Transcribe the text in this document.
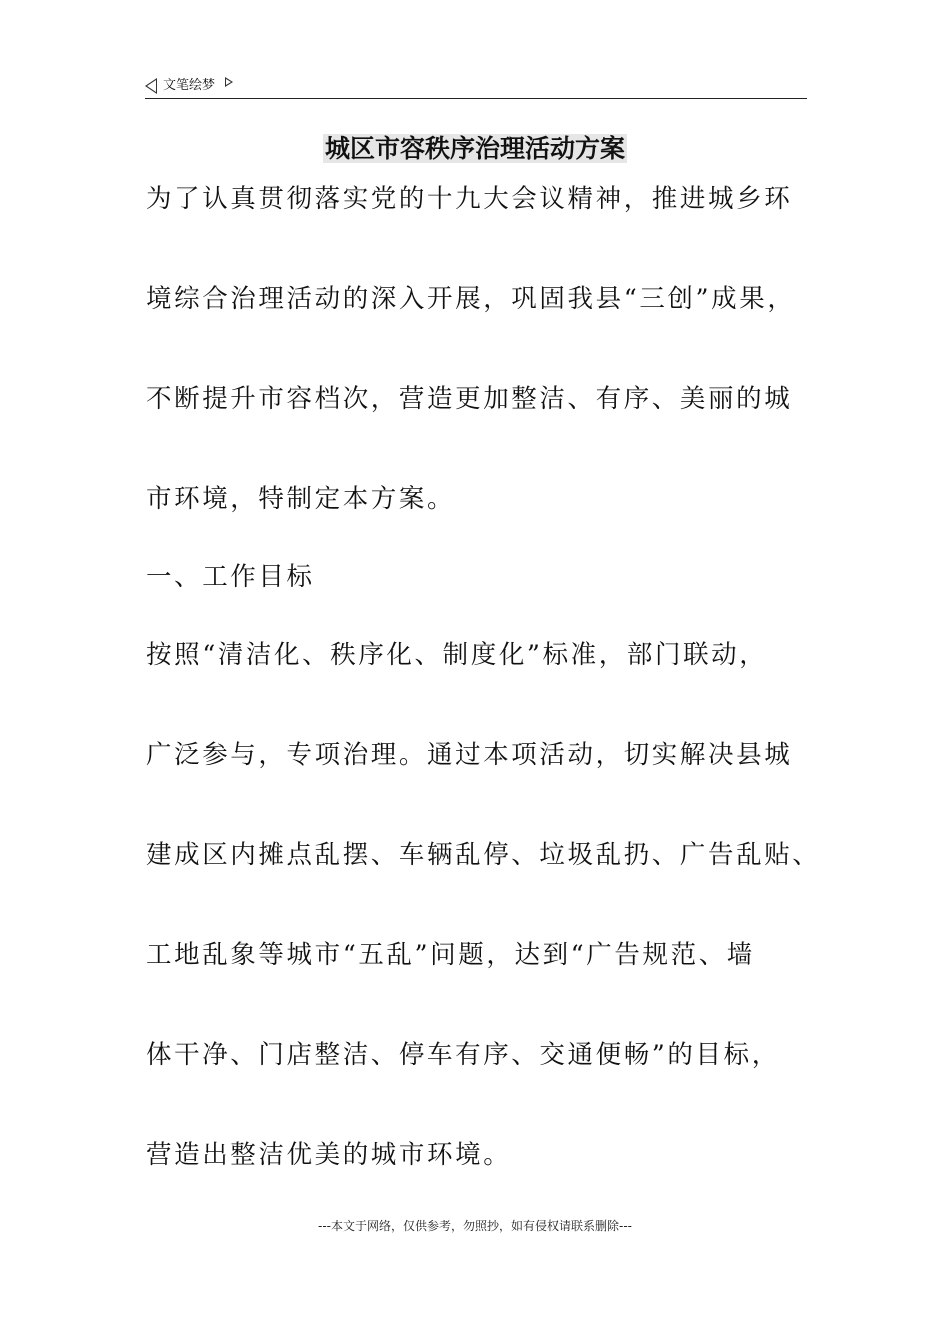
文笔绘梦
城区市容秩序治理活动方案
为了认真贯彻落实党的十九大会议精神，推进城乡环
境综合治理活动的深入开展，巩固我县“三创”成果，
不断提升市容档次，营造更加整洁、有序、美丽的城
市环境，特制定本方案。
一、工作目标
按照“清洁化、秩序化、制度化”标准，部门联动，
广泛参与，专项治理。通过本项活动，切实解决县城
建成区内摊点乱摆、车辆乱停、垃圾乱扔、广告乱贴、
工地乱象等城市“五乱”问题，达到“广告规范、墙
体干净、门店整洁、停车有序、交通便畅”的目标，
营造出整洁优美的城市环境。
---本文于网络，仅供参考，勿照抄，如有侵权请联系删除---
